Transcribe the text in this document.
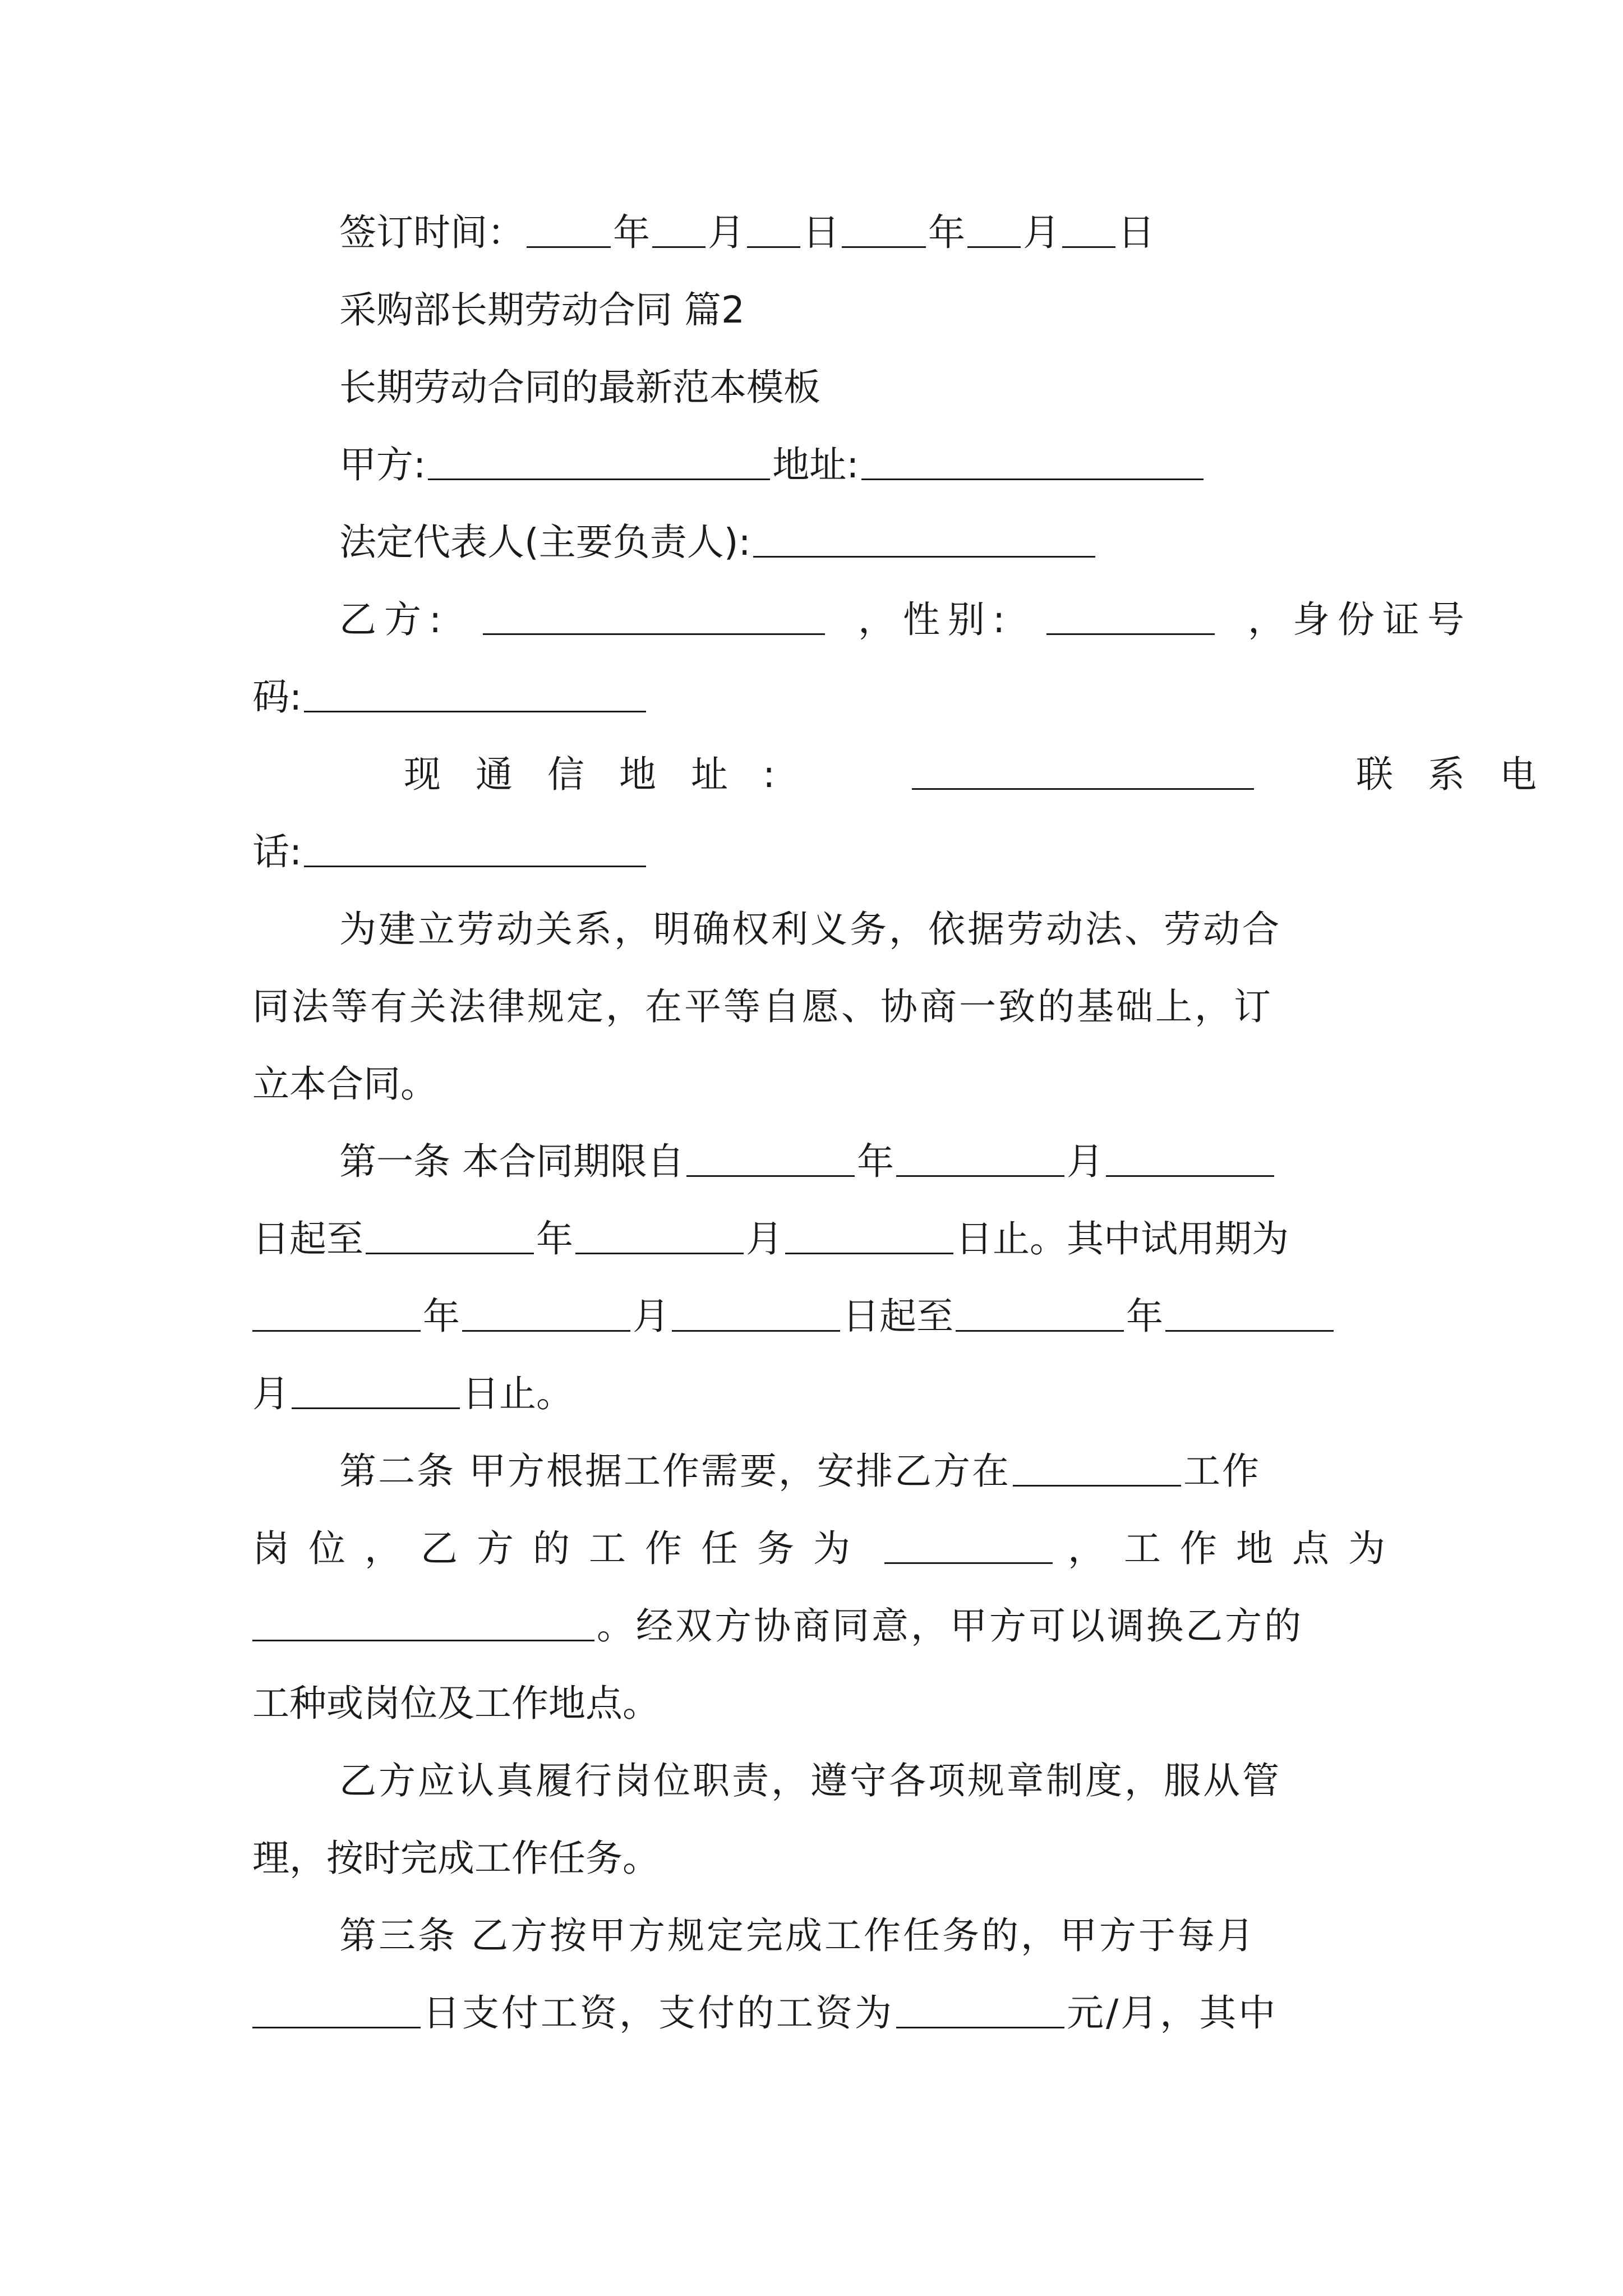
签订时间： 年 月 日 年 月 日
采购部长期劳动合同 篇2
长期劳动合同的最新范本模板
甲方:	地址:
法定代表人(主要负责人):
乙方:	，性别:	，身份证号
码:
现通信地址:	联系电
话:
为建立劳动关系，明确权利义务，依据劳动法、劳动合
同法等有关法律规定，在平等自愿、协商一致的基础上，订
立本合同。
第一条 本合同期限自	年	月
日起至	年	月	日止。其中试用期为
年	月	日起至	年
月	日止。
第二条 甲方根据工作需要，安排乙方在	工作
岗位，乙方的工作任务为	，工作地点为
。经双方协商同意，甲方可以调换乙方的
工种或岗位及工作地点。
乙方应认真履行岗位职责，遵守各项规章制度，服从管
理，按时完成工作任务。
第三条 乙方按甲方规定完成工作任务的，甲方于每月
日支付工资，支付的工资为	元/月，其中
